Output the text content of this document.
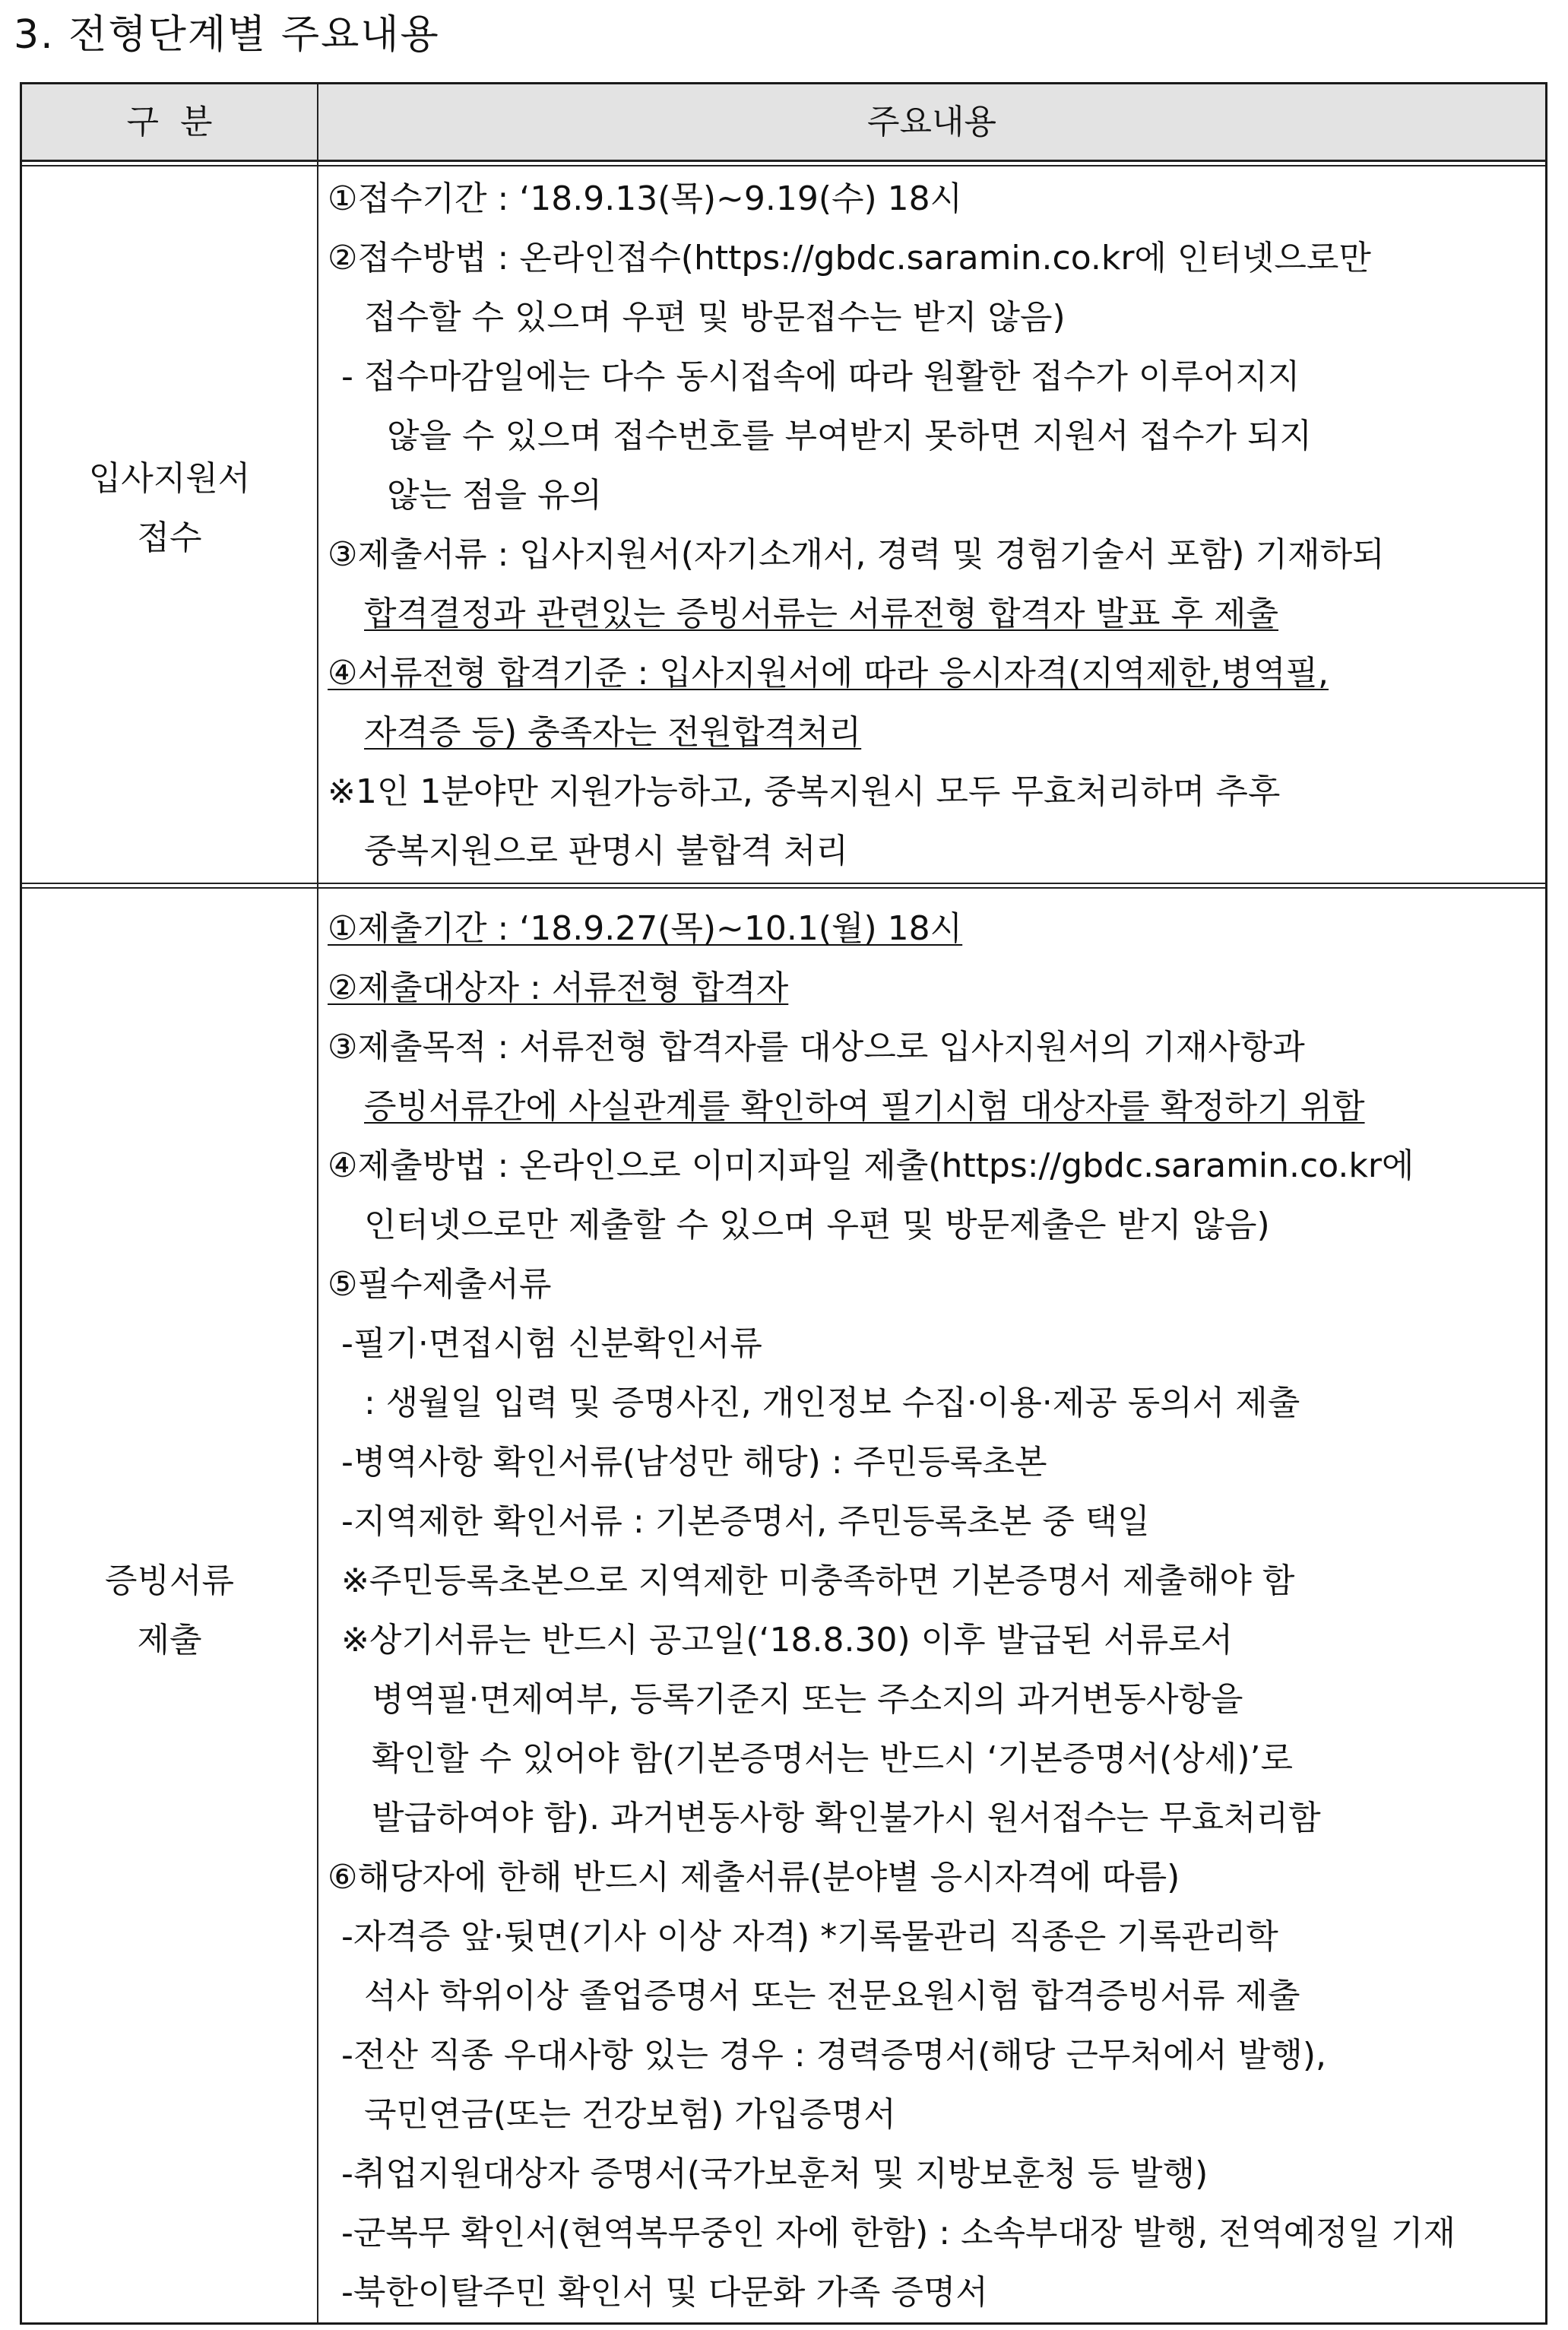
3. 전형단계별 주요내용
구  분	주요내용
입사지원서
접수
①접수기간 : ‘18.9.13(목)~9.19(수) 18시
②접수방법 : 온라인접수(https://gbdc.saramin.co.kr에 인터넷으로만
접수할 수 있으며 우편 및 방문접수는 받지 않음)
- 접수마감일에는 다수 동시접속에 따라 원활한 접수가 이루어지지
않을 수 있으며 접수번호를 부여받지 못하면 지원서 접수가 되지
않는 점을 유의
③제출서류 : 입사지원서(자기소개서, 경력 및 경험기술서 포함) 기재하되
합격결정과 관련있는 증빙서류는 서류전형 합격자 발표 후 제출
④서류전형 합격기준 : 입사지원서에 따라 응시자격(지역제한,병역필,
자격증 등) 충족자는 전원합격처리
※1인 1분야만 지원가능하고, 중복지원시 모두 무효처리하며 추후
중복지원으로 판명시 불합격 처리
증빙서류
제출
①제출기간 : ‘18.9.27(목)~10.1(월) 18시
②제출대상자 : 서류전형 합격자
③제출목적 : 서류전형 합격자를 대상으로 입사지원서의 기재사항과
증빙서류간에 사실관계를 확인하여 필기시험 대상자를 확정하기 위함
④제출방법 : 온라인으로 이미지파일 제출(https://gbdc.saramin.co.kr에
인터넷으로만 제출할 수 있으며 우편 및 방문제출은 받지 않음)
⑤필수제출서류
-필기·면접시험 신분확인서류
: 생월일 입력 및 증명사진, 개인정보 수집·이용·제공 동의서 제출
-병역사항 확인서류(남성만 해당) : 주민등록초본
-지역제한 확인서류 : 기본증명서, 주민등록초본 중 택일
※주민등록초본으로 지역제한 미충족하면 기본증명서 제출해야 함
※상기서류는 반드시 공고일(‘18.8.30) 이후 발급된 서류로서
병역필·면제여부, 등록기준지 또는 주소지의 과거변동사항을
확인할 수 있어야 함(기본증명서는 반드시 ‘기본증명서(상세)’로
발급하여야 함). 과거변동사항 확인불가시 원서접수는 무효처리함
⑥해당자에 한해 반드시 제출서류(분야별 응시자격에 따름)
-자격증 앞·뒷면(기사 이상 자격) *기록물관리 직종은 기록관리학
석사 학위이상 졸업증명서 또는 전문요원시험 합격증빙서류 제출
-전산 직종 우대사항 있는 경우 : 경력증명서(해당 근무처에서 발행),
국민연금(또는 건강보험) 가입증명서
-취업지원대상자 증명서(국가보훈처 및 지방보훈청 등 발행)
-군복무 확인서(현역복무중인 자에 한함) : 소속부대장 발행, 전역예정일 기재
-북한이탈주민 확인서 및 다문화 가족 증명서
